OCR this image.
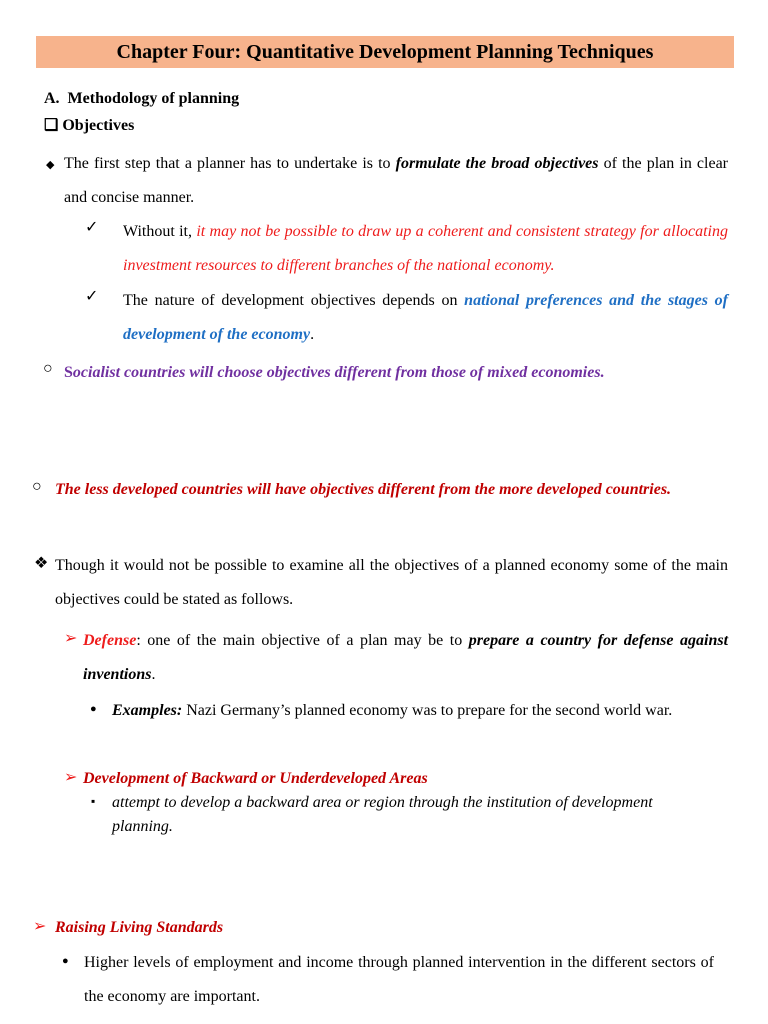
Chapter Four: Quantitative Development Planning Techniques
A.  Methodology of planning
❑ Objectives
◆ The first step that a planner has to undertake is to formulate the broad objectives of the plan in clear and concise manner.
✓ Without it, it may not be possible to draw up a coherent and consistent strategy for allocating investment resources to different branches of the national economy.
✓ The nature of development objectives depends on national preferences and the stages of development of the economy.
○ Socialist countries will choose objectives different from those of mixed economies.
○ The less developed countries will have objectives different from the more developed countries.
❖ Though it would not be possible to examine all the objectives of a planned economy some of the main objectives could be stated as follows.
➢ Defense: one of the main objective of a plan may be to prepare a country for defense against inventions.
● Examples: Nazi Germany’s planned economy was to prepare for the second world war.
➢ Development of Backward or Underdeveloped Areas
▪ attempt to develop a backward area or region through the institution of development planning.
➢ Raising Living Standards
● Higher levels of employment and income through planned intervention in the different sectors of the economy are important.
